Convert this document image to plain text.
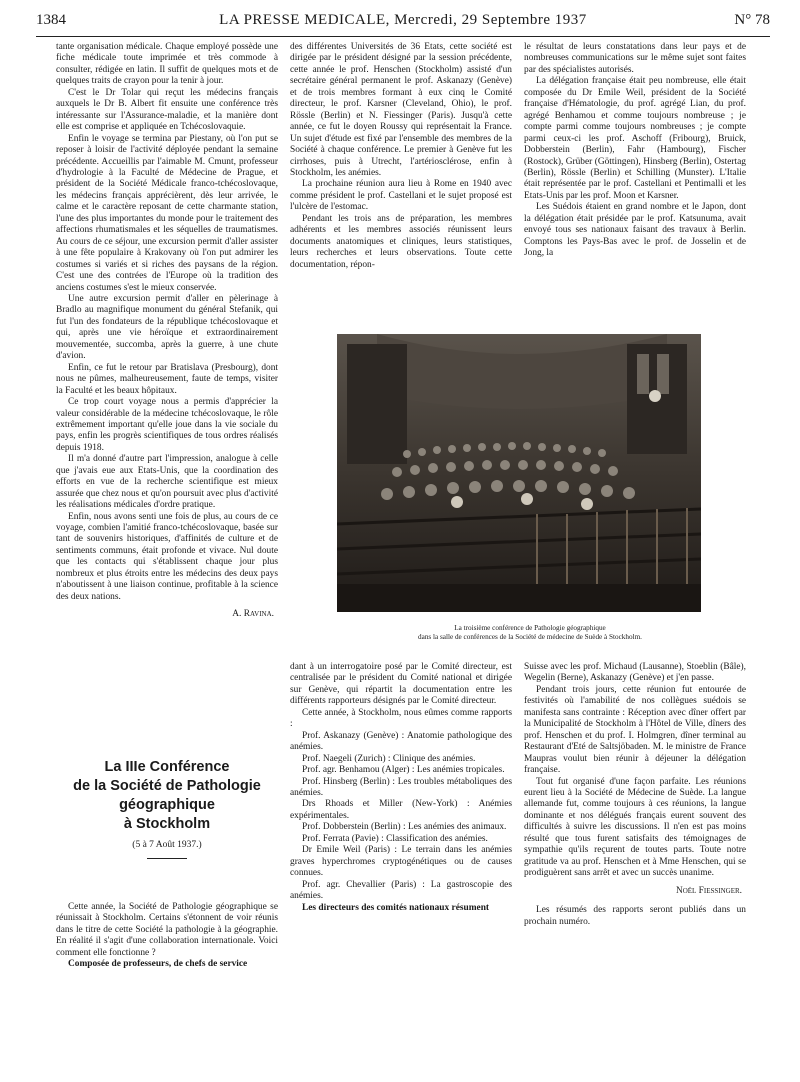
1384	LA PRESSE MEDICALE, Mercredi, 29 Septembre 1937	N° 78

tante organisation médicale. Chaque employé possède une fiche médicale toute imprimée et très commode à consulter, rédigée en latin. Il suffit de quelques mots et de quelques traits de crayon pour la tenir à jour.

C'est le Dr Tolar qui reçut les médecins français auxquels le Dr B. Albert fit ensuite une conférence très intéressante sur l'Assurance-maladie, et la manière dont elle est comprise et appliquée en Tchécoslovaquie.

Enfin le voyage se termina par Piestany, où l'on put se reposer à loisir de l'activité déployée pendant la semaine précédente. Accueillis par l'aimable M. Cmunt, professeur d'hydrologie à la Faculté de Médecine de Prague, et président de la Société Médicale franco-tchécoslovaque, les médecins français apprécièrent, dès leur arrivée, le calme et le caractère reposant de cette charmante station, l'une des plus importantes du monde pour le traitement des affections rhumatismales et les séquelles de traumatismes. Au cours de ce séjour, une excursion permit d'aller assister à une fête populaire à Krakovany où l'on put admirer les costumes si variés et si riches des paysans de la région. C'est une des contrées de l'Europe où la tradition des anciens costumes s'est le mieux conservée.

Une autre excursion permit d'aller en pèlerinage à Bradlo au magnifique monument du général Stefanik, qui fut l'un des fondateurs de la république tchécoslovaque et qui, après une vie héroïque et extraordinairement mouvementée, succomba, après la guerre, à une chute d'avion.

Enfin, ce fut le retour par Bratislava (Presbourg), dont nous ne pûmes, malheureusement, faute de temps, visiter la Faculté et les beaux hôpitaux.

Ce trop court voyage nous a permis d'apprécier la valeur considérable de la médecine tchécoslovaque, le rôle extrêmement important qu'elle joue dans la vie sociale du pays, enfin les progrès scientifiques de tous ordres réalisés depuis 1918.

Il m'a donné d'autre part l'impression, analogue à celle que j'avais eue aux Etats-Unis, que la coordination des efforts en vue de la recherche scientifique est mieux assurée que chez nous et qu'on poursuit avec plus d'activité les réalisations médicales d'ordre pratique.

Enfin, nous avons senti une fois de plus, au cours de ce voyage, combien l'amitié franco-tchécoslovaque, basée sur tant de souvenirs historiques, d'affinités de culture et de sentiments communs, était profonde et vivace. Nul doute que les contacts qui s'établissent chaque jour plus nombreux et plus étroits entre les médecins des deux pays n'aboutissent à une liaison continue, profitable à la science des deux nations.

A. Ravina.
La IIIe Conférence
de la Société de Pathologie
géographique
à Stockholm
(5 à 7 Août 1937.)

Cette année, la Société de Pathologie géographique se réunissait à Stockholm. Certains s'étonnent de voir réunis dans le titre de cette Société la pathologie à la géographie. En réalité il s'agit d'une collaboration internationale. Voici comment elle fonctionne ?

Composée de professeurs, de chefs de service

des différentes Universités de 36 Etats, cette société est dirigée par le président désigné par la session précédente, cette année le prof. Henschen (Stockholm) assisté d'un secrétaire général permanent le prof. Askanazy (Genève) et de trois membres formant à eux cinq le Comité directeur, le prof. Karsner (Cleveland, Ohio), le prof. Rössle (Berlin) et N. Fiessinger (Paris). Jusqu'à cette année, ce fut le doyen Roussy qui représentait la France. Un sujet d'étude est fixé par l'ensemble des membres de la Société à chaque conférence. Le premier à Genève fut les cirrhoses, puis à Utrecht, l'artériosclérose, enfin à Stockholm, les anémies.

La prochaine réunion aura lieu à Rome en 1940 avec comme président le prof. Castellani et le sujet proposé est l'ulcère de l'estomac.

Pendant les trois ans de préparation, les membres adhérents et les membres associés réunissent leurs documents anatomiques et cliniques, leurs statistiques, leurs recherches et leurs observations. Toute cette documentation, répon-

le résultat de leurs constatations dans leur pays et de nombreuses communications sur le même sujet sont faites par des spécialistes autorisés.

La délégation française était peu nombreuse, elle était composée du Dr Emile Weil, président de la Société française d'Hématologie, du prof. agrégé Lian, du prof. agrégé Benhamou et comme toujours nombreuse ; je compte parmi comme toujours nombreuses ; je compte parmi ceux-ci les prof. Aschoff (Fribourg), Bruick, Dobberstein (Berlin), Fahr (Hambourg), Fischer (Rostock), Grüber (Göttingen), Hinsberg (Berlin), Ostertag (Berlin), Rössle (Berlin) et Schilling (Munster). L'Italie était représentée par le prof. Castellani et Pentimalli et les Etats-Unis par les prof. Moon et Karsner.

Les Suédois étaient en grand nombre et le Japon, dont la délégation était présidée par le prof. Katsunuma, avait envoyé tous ses nationaux faisant des travaux à Berlin. Comptons les Pays-Bas avec le prof. de Josselin et de Jong, la

La troisième conférence de Pathologie géographique
dans la salle de conférences de la Société de médecine de Suède à Stockholm.

dant à un interrogatoire posé par le Comité directeur, est centralisée par le président du Comité national et dirigée sur Genève, qui répartit la documentation entre les différents rapporteurs désignés par le Comité directeur.

Cette année, à Stockholm, nous eûmes comme rapports :

Prof. Askanazy (Genève) : Anatomie pathologique des anémies.

Prof. Naegeli (Zurich) : Clinique des anémies.

Prof. agr. Benhamou (Alger) : Les anémies tropicales.

Prof. Hinsberg (Berlin) : Les troubles métaboliques des anémies.

Drs Rhoads et Miller (New-York) : Anémies expérimentales.

Prof. Dobberstein (Berlin) : Les anémies des animaux.

Prof. Ferrata (Pavie) : Classification des anémies.

Dr Emile Weil (Paris) : Le terrain dans les anémies graves hyperchromes cryptogénétiques ou de causes connues.

Prof. agr. Chevallier (Paris) : La gastroscopie des anémies.

Les directeurs des comités nationaux résument

Suisse avec les prof. Michaud (Lausanne), Stoeblin (Bâle), Wegelin (Berne), Askanazy (Genève) et j'en passe.

Pendant trois jours, cette réunion fut entourée de festivités où l'amabilité de nos collègues suédois se manifesta sans contrainte : Réception avec dîner offert par la Municipalité de Stockholm à l'Hôtel de Ville, dîners des prof. Henschen et du prof. I. Holmgren, dîner terminal au Restaurant d'Eté de Saltsjöbaden. M. le ministre de France Maupras voulut bien réunir à déjeuner la délégation française.

Tout fut organisé d'une façon parfaite. Les réunions eurent lieu à la Société de Médecine de Suède. La langue allemande fut, comme toujours à ces réunions, la langue dominante et nos délégués français eurent souvent des difficultés à suivre les discussions. Il n'en est pas moins résulté que tous furent satisfaits des témoignages de sympathie qu'ils reçurent de toutes parts. Toute notre gratitude va au prof. Henschen et à Mme Henschen, qui se prodiguèrent sans arrêt et avec un succès unanime.

Noël Fiessinger.

Les résumés des rapports seront publiés dans un prochain numéro.
